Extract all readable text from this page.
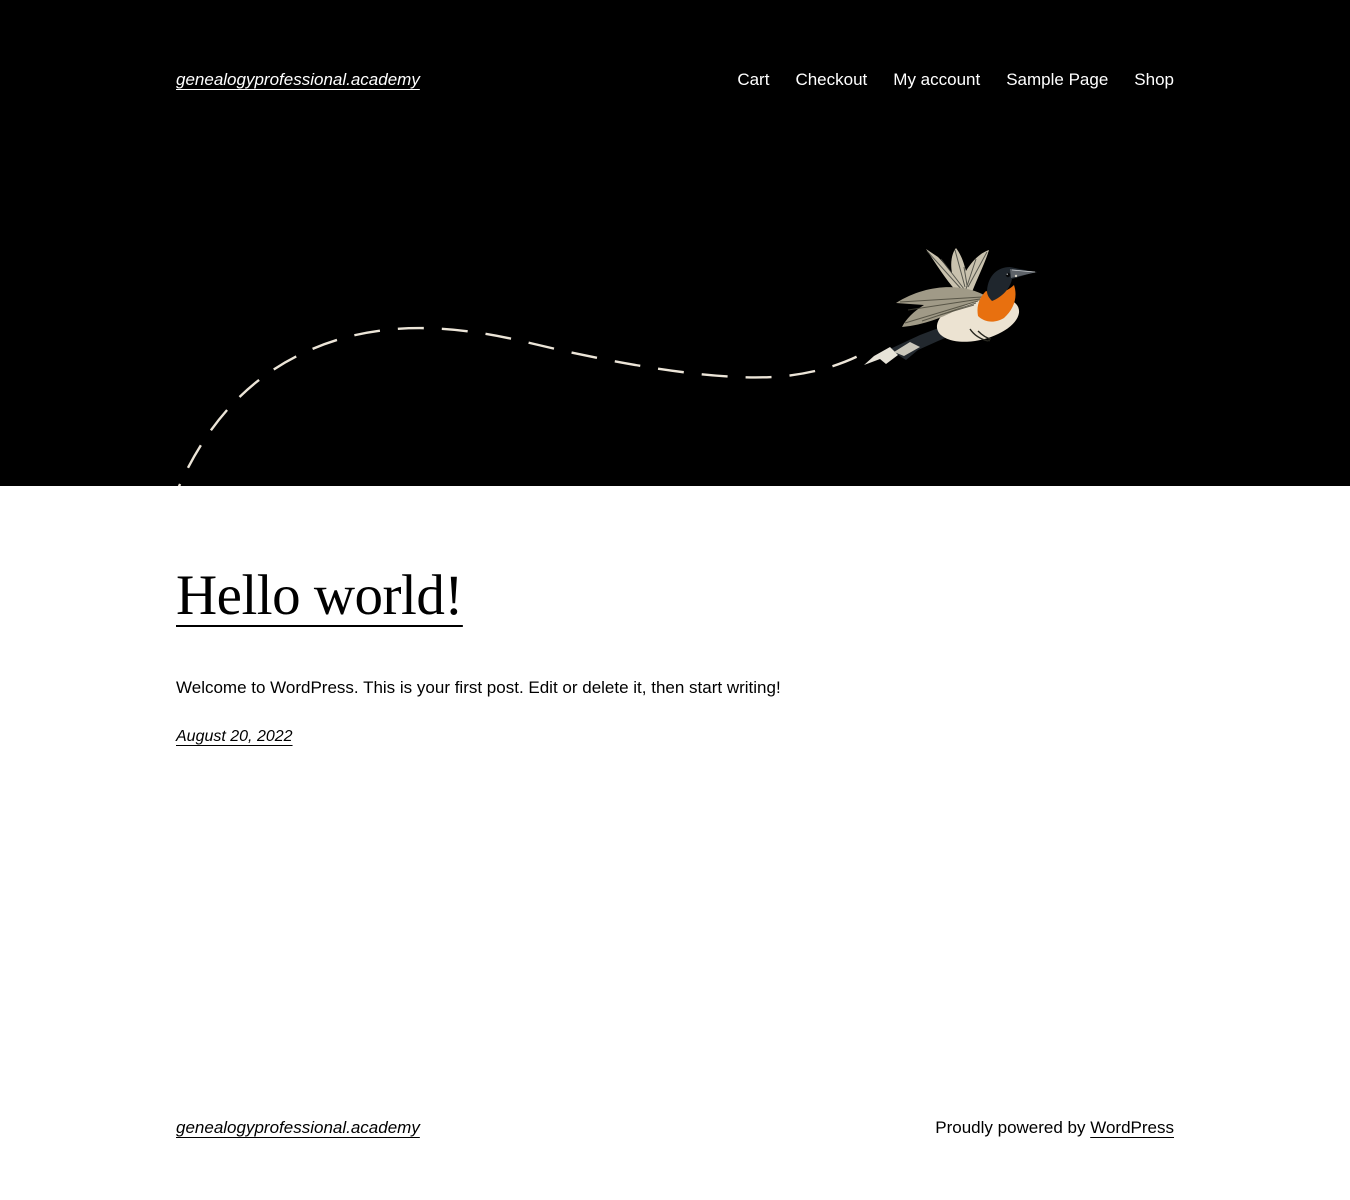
genealogyprofessional.academy	Cart Checkout My account Sample Page Shop
Hello world!

Welcome to WordPress. This is your first post. Edit or delete it, then start writing!

August 20, 2022
genealogyprofessional.academy	Proudly powered by WordPress
